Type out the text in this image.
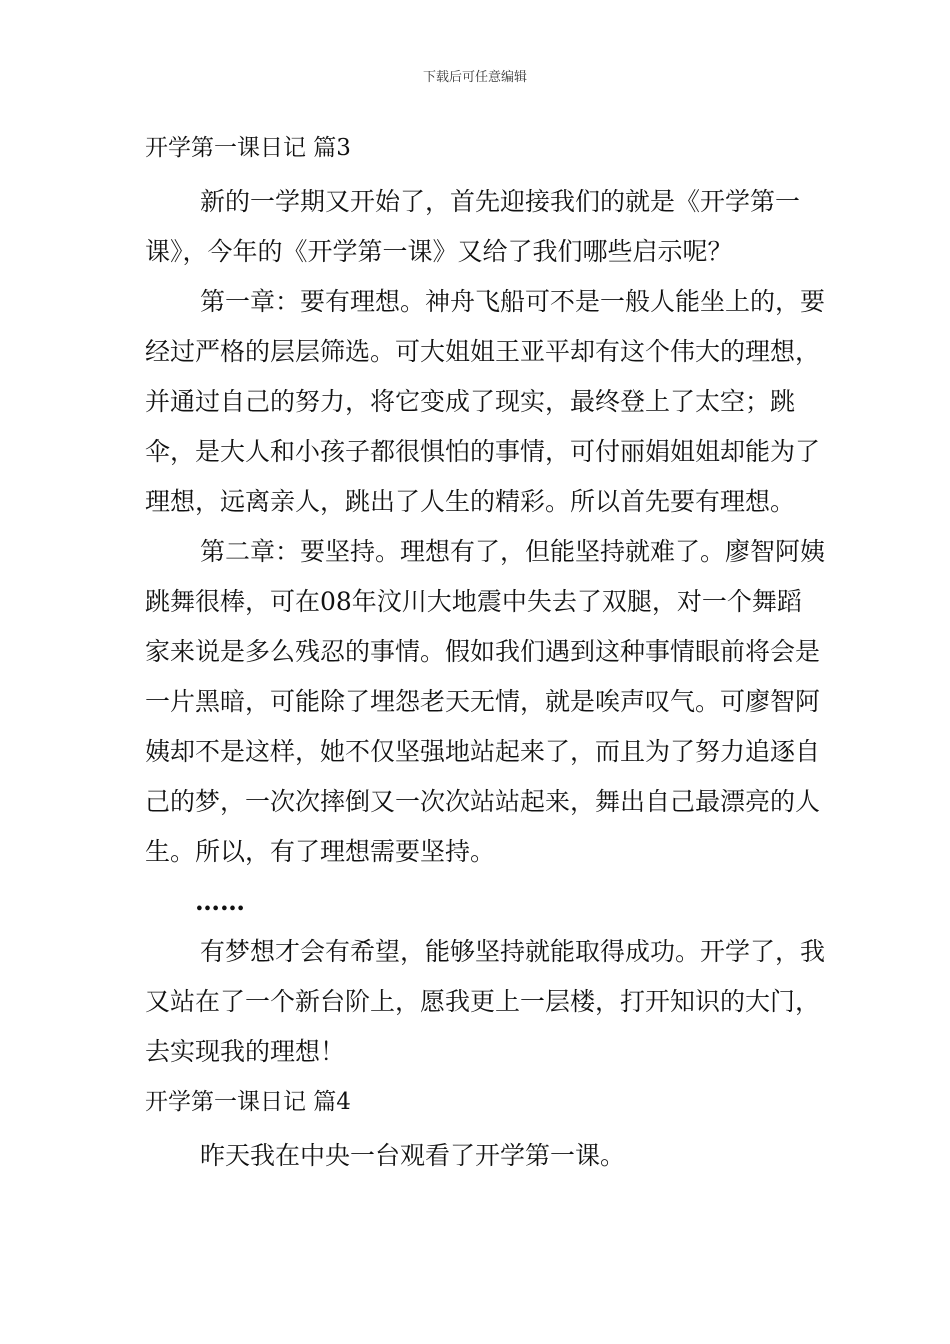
下载后可任意编辑
开学第一课日记 篇3

新的一学期又开始了，首先迎接我们的就是《开学第一课》，今年的《开学第一课》又给了我们哪些启示呢？

第一章：要有理想。神舟飞船可不是一般人能坐上的，要经过严格的层层筛选。可大姐姐王亚平却有这个伟大的理想，并通过自己的努力，将它变成了现实，最终登上了太空；跳伞，是大人和小孩子都很惧怕的事情，可付丽娟姐姐却能为了理想，远离亲人，跳出了人生的精彩。所以首先要有理想。

第二章：要坚持。理想有了，但能坚持就难了。廖智阿姨跳舞很棒，可在08年汶川大地震中失去了双腿，对一个舞蹈家来说是多么残忍的事情。假如我们遇到这种事情眼前将会是一片黑暗，可能除了埋怨老天无情，就是唉声叹气。可廖智阿姨却不是这样，她不仅坚强地站起来了，而且为了努力追逐自己的梦，一次次摔倒又一次次站站起来，舞出自己最漂亮的人生。所以，有了理想需要坚持。

……

有梦想才会有希望，能够坚持就能取得成功。开学了，我又站在了一个新台阶上，愿我更上一层楼，打开知识的大门，去实现我的理想！

开学第一课日记 篇4

昨天我在中央一台观看了开学第一课。
